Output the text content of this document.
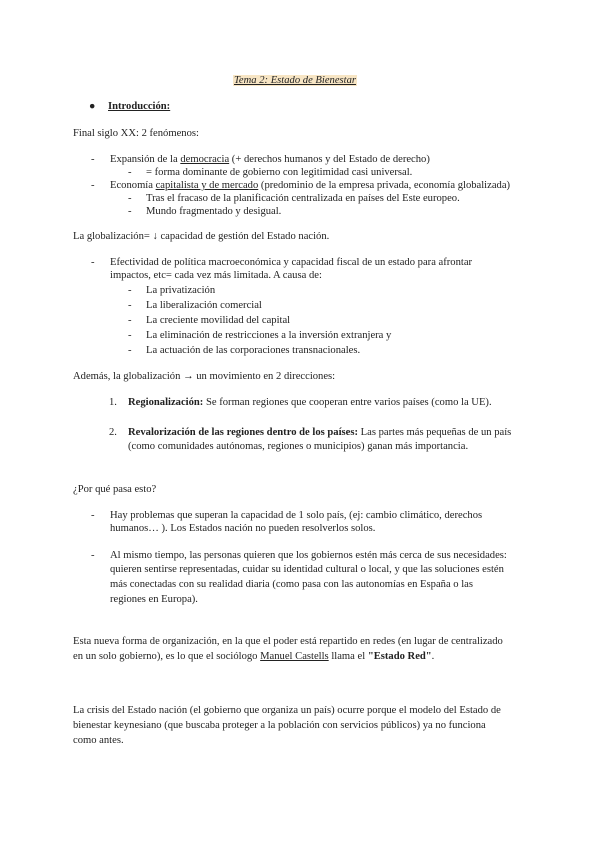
Tema 2: Estado de Bienestar
● Introducción:
Final siglo XX: 2 fenómenos:
- Expansión de la democracia (+ derechos humanos y del Estado de derecho)
- = forma dominante de gobierno con legitimidad casi universal.
- Economía capitalista y de mercado (predominio de la empresa privada, economía globalizada)
- Tras el fracaso de la planificación centralizada en países del Este europeo.
- Mundo fragmentado y desigual.
La globalización= ↓ capacidad de gestión del Estado nación.
- Efectividad de política macroeconómica y capacidad fiscal de un estado para afrontar
impactos, etc= cada vez más limitada. A causa de:
- La privatización
- La liberalización comercial
- La creciente movilidad del capital
- La eliminación de restricciones a la inversión extranjera y
- La actuación de las corporaciones transnacionales.
Además, la globalización → un movimiento en 2 direcciones:
1. Regionalización: Se forman regiones que cooperan entre varios países (como la UE).
2. Revalorización de las regiones dentro de los países: Las partes más pequeñas de un país
(como comunidades autónomas, regiones o municipios) ganan más importancia.
¿Por qué pasa esto?
- Hay problemas que superan la capacidad de 1 solo país, (ej: cambio climático, derechos
humanos… ). Los Estados nación no pueden resolverlos solos.
- Al mismo tiempo, las personas quieren que los gobiernos estén más cerca de sus necesidades:
quieren sentirse representadas, cuidar su identidad cultural o local, y que las soluciones estén
más conectadas con su realidad diaria (como pasa con las autonomías en España o las
regiones en Europa).
Esta nueva forma de organización, en la que el poder está repartido en redes (en lugar de centralizado
en un solo gobierno), es lo que el sociólogo Manuel Castells llama el "Estado Red".
La crisis del Estado nación (el gobierno que organiza un país) ocurre porque el modelo del Estado de
bienestar keynesiano (que buscaba proteger a la población con servicios públicos) ya no funciona
como antes.
